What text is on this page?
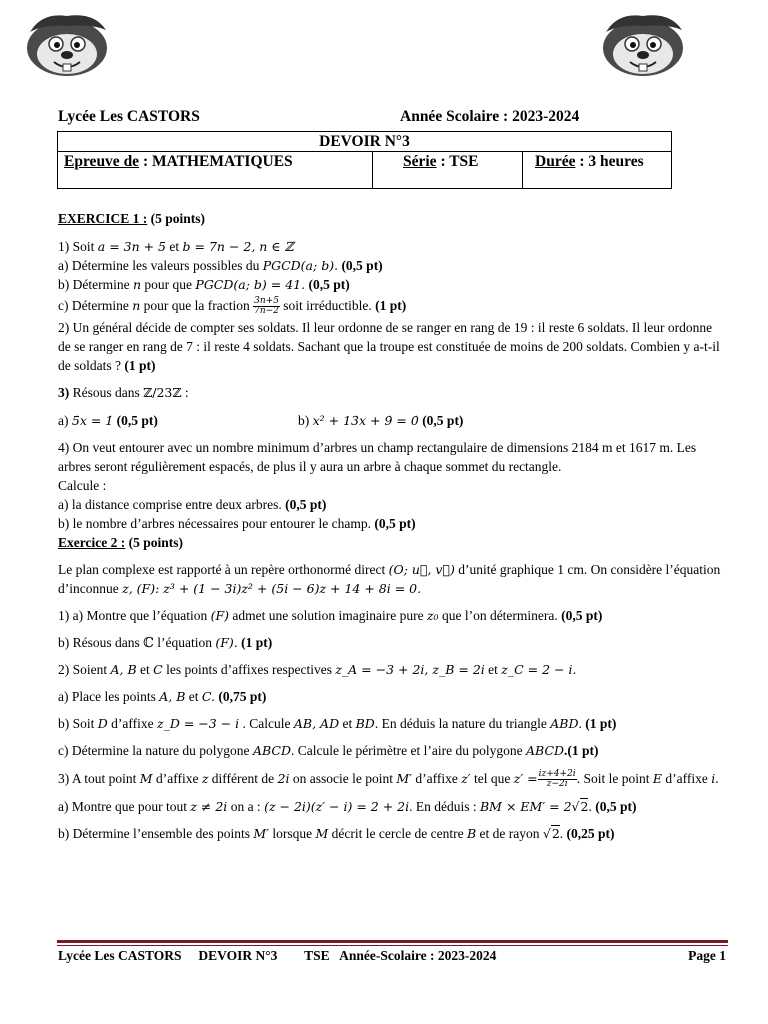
Lycée Les CASTORS	Année Scolaire : 2023-2024
DEVOIR N°3
Epreuve de : MATHEMATIQUES	Série : TSE	Durée : 3 heures

EXERCICE 1 : (5 points)

1) Soit a = 3n + 5 et b = 7n − 2, n ∈ ℤ

a) Détermine les valeurs possibles du PGCD(a; b). (0,5 pt)

b) Détermine n pour que PGCD(a; b) = 41. (0,5 pt)

c) Détermine n pour que la fraction $\frac{3n+5}{7n-2}$ soit irréductible. (1 pt)

2) Un général décide de compter ses soldats. Il leur ordonne de se ranger en rang de 19 : il reste 6 soldats. Il leur ordonne de se ranger en rang de 7 : il reste 4 soldats. Sachant que la troupe est constituée de moins de 200 soldats. Combien y a-t-il de soldats ? (1 pt)

3) Résous dans ℤ/23ℤ :

a) 5̇x = 1̇ (0,5 pt)	b) x² + 13̇x + 9̇ = 0̇ (0,5 pt)

4) On veut entourer avec un nombre minimum d’arbres un champ rectangulaire de dimensions 2184 m et 1617 m. Les arbres seront régulièrement espacés, de plus il y aura un arbre à chaque sommet du rectangle.

Calcule :

a) la distance comprise entre deux arbres. (0,5 pt)

b) le nombre d’arbres nécessaires pour entourer le champ. (0,5 pt)

Exercice 2 : (5 points)

Le plan complexe est rapporté à un repère orthonormé direct (O; u⃗, v⃗) d’unité graphique 1 cm. On considère l’équation d’inconnue z, (F): z³ + (1 − 3i)z² + (5i − 6)z + 14 + 8i = 0.

1) a) Montre que l’équation (F) admet une solution imaginaire pure z₀ que l’on déterminera. (0,5 pt)

b) Résous dans ℂ l’équation (F). (1 pt)

2) Soient A, B et C les points d’affixes respectives z_A = −3 + 2i, z_B = 2i et z_C = 2 − i.

a) Place les points A, B et C. (0,75 pt)

b) Soit D d’affixe z_D = −3 − i . Calcule AB, AD et BD. En déduis la nature du triangle ABD. (1 pt)

c) Détermine la nature du polygone ABCD. Calcule le périmètre et l’aire du polygone ABCD.(1 pt)

3) A tout point M d’affixe z différent de 2i on associe le point M′ d’affixe z′ tel que $z' = \frac{iz+4+2i}{z-2i}$ . Soit le point E d’affixe i.

a) Montre que pour tout z ≠ 2i on a : (z − 2i)(z′ − i) = 2 + 2i. En déduis : BM × EM′ = 2√2. (0,5 pt)

b) Détermine l’ensemble des points M′ lorsque M décrit le cercle de centre B et de rayon √2. (0,25 pt)

Lycée Les CASTORS DEVOIR N°3 TSE Année-Scolaire : 2023-2024	Page 1
